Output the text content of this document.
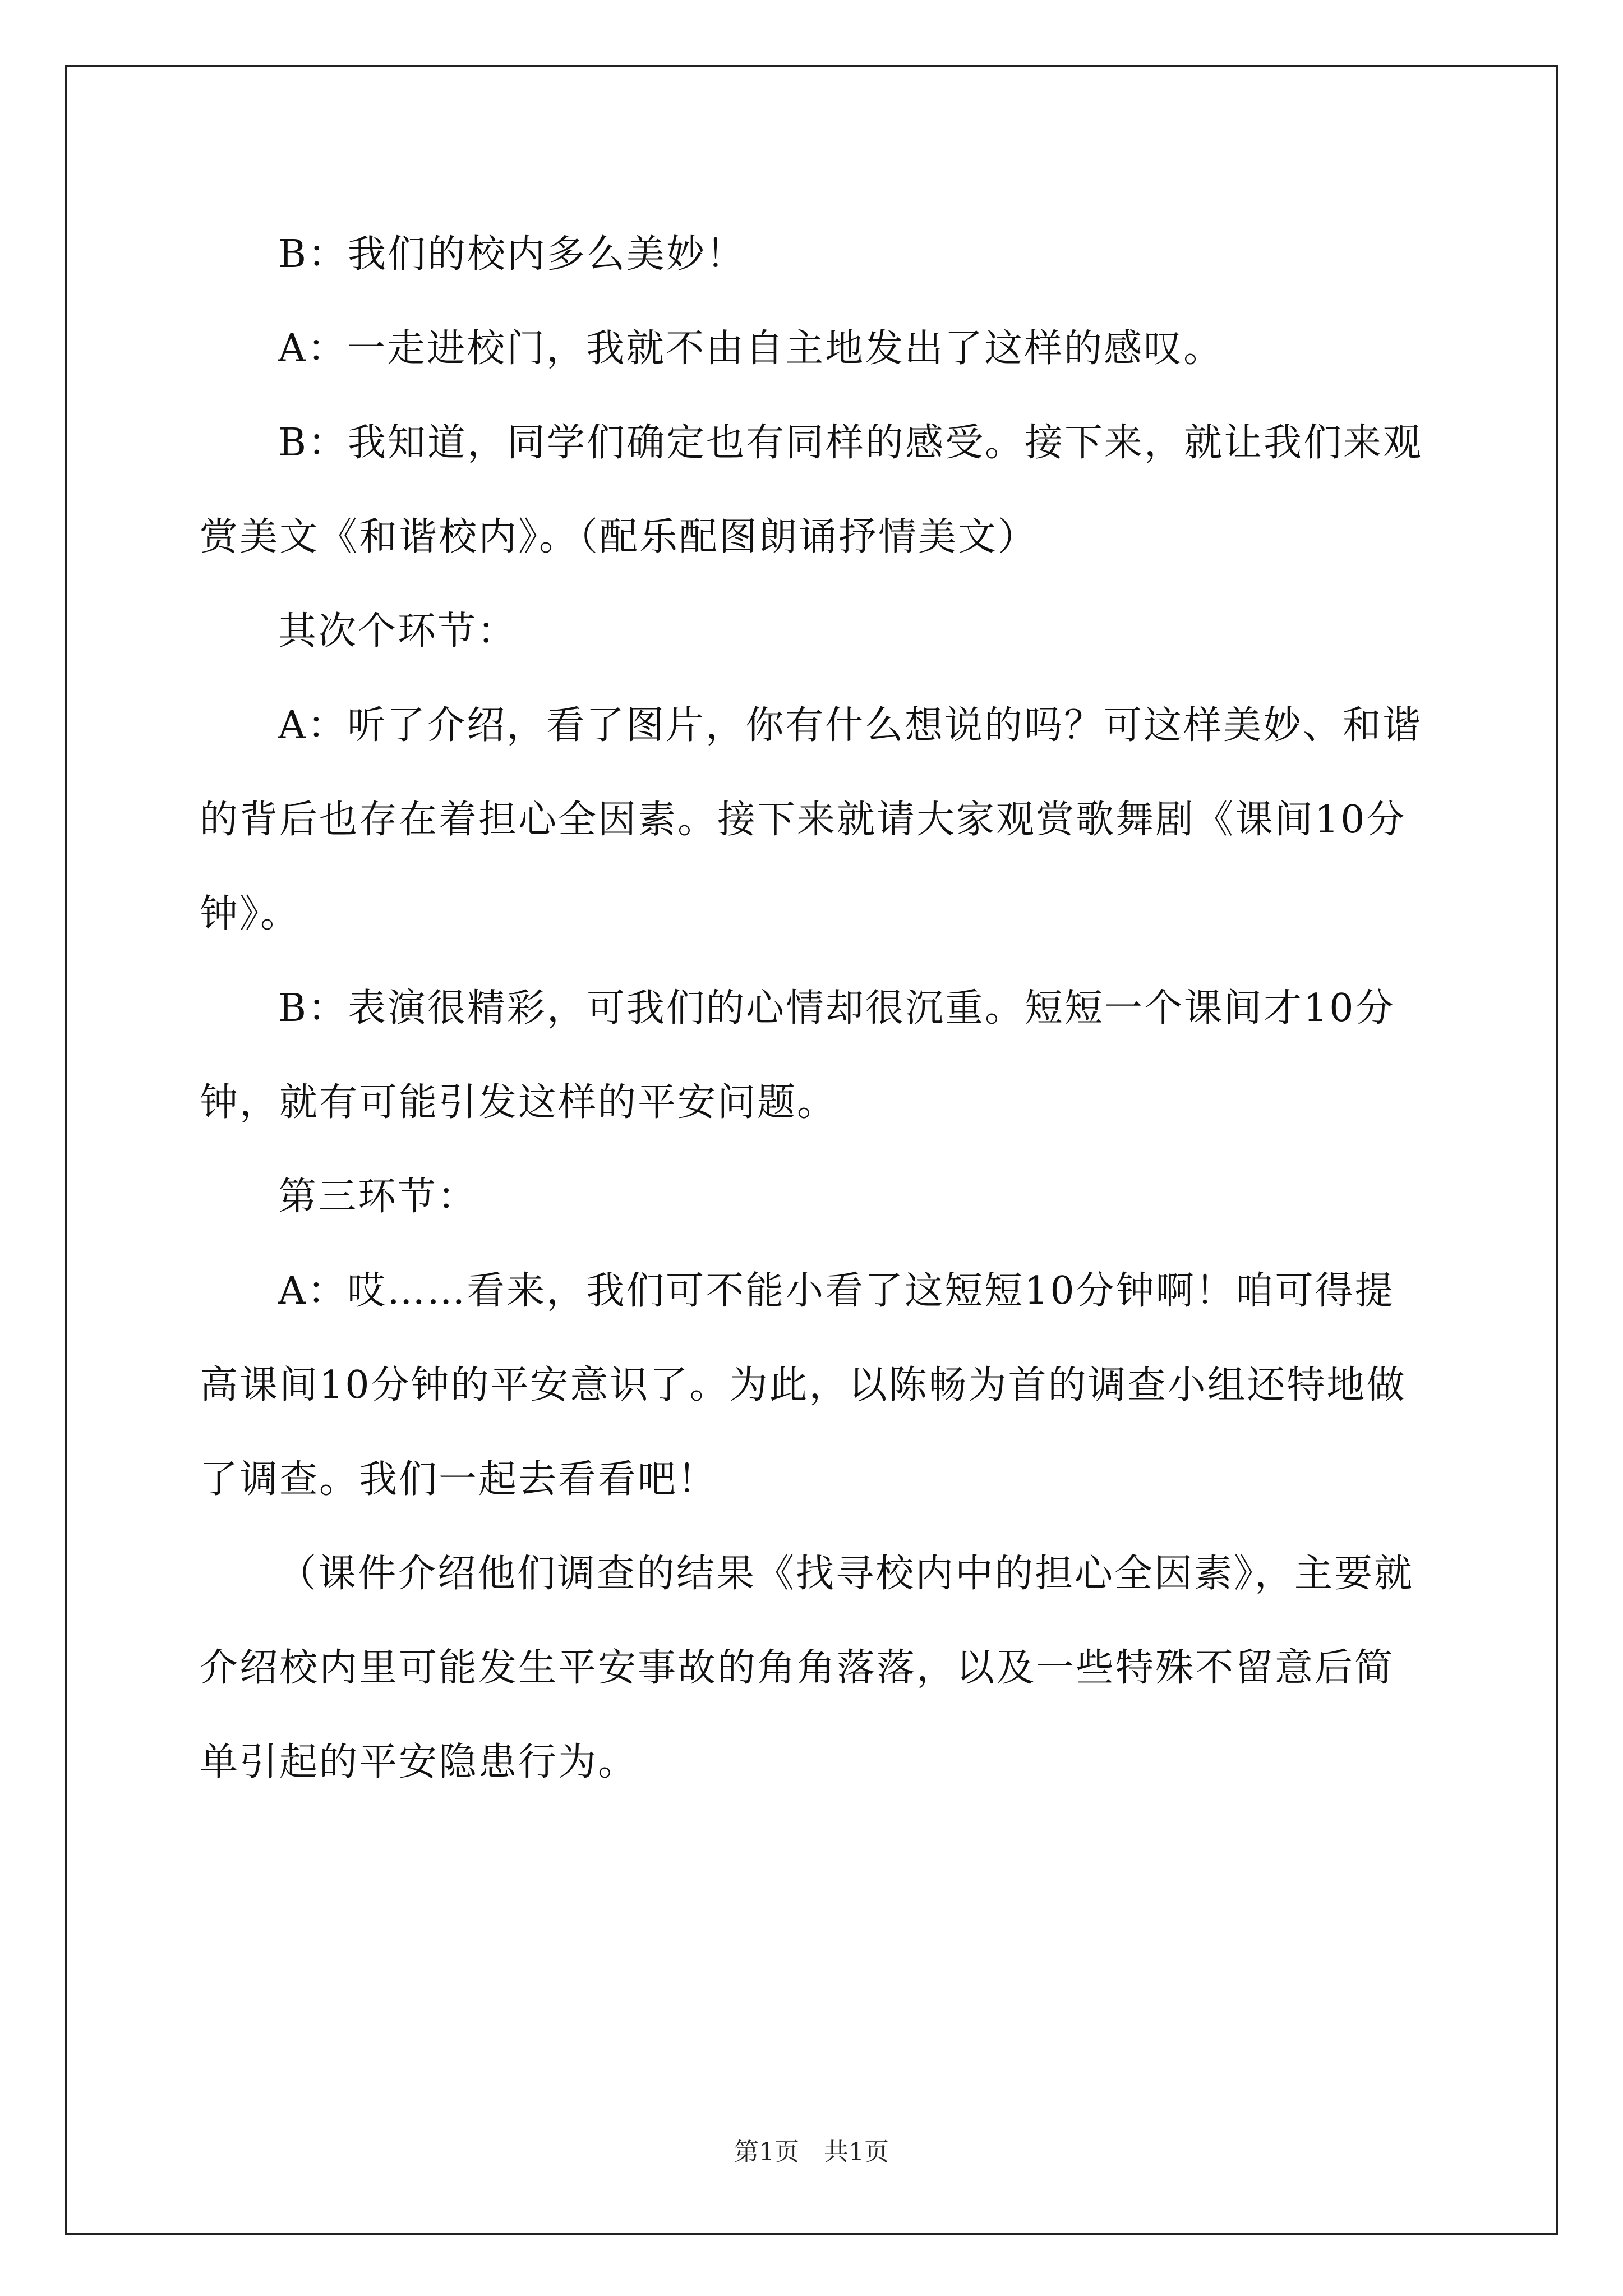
B：我们的校内多么美妙！

A：一走进校门，我就不由自主地发出了这样的感叹。

B：我知道，同学们确定也有同样的感受。接下来，就让我们来观赏美文《和谐校内》。（配乐配图朗诵抒情美文）

其次个环节：

A：听了介绍，看了图片，你有什么想说的吗？可这样美妙、和谐的背后也存在着担心全因素。接下来就请大家观赏歌舞剧《课间10分钟》。

B：表演很精彩，可我们的心情却很沉重。短短一个课间才10分钟，就有可能引发这样的平安问题。

第三环节：

A：哎……看来，我们可不能小看了这短短10分钟啊！咱可得提高课间10分钟的平安意识了。为此，以陈畅为首的调查小组还特地做了调查。我们一起去看看吧！

（课件介绍他们调查的结果《找寻校内中的担心全因素》，主要就介绍校内里可能发生平安事故的角角落落，以及一些特殊不留意后简单引起的平安隐患行为。

第1页 共1页
